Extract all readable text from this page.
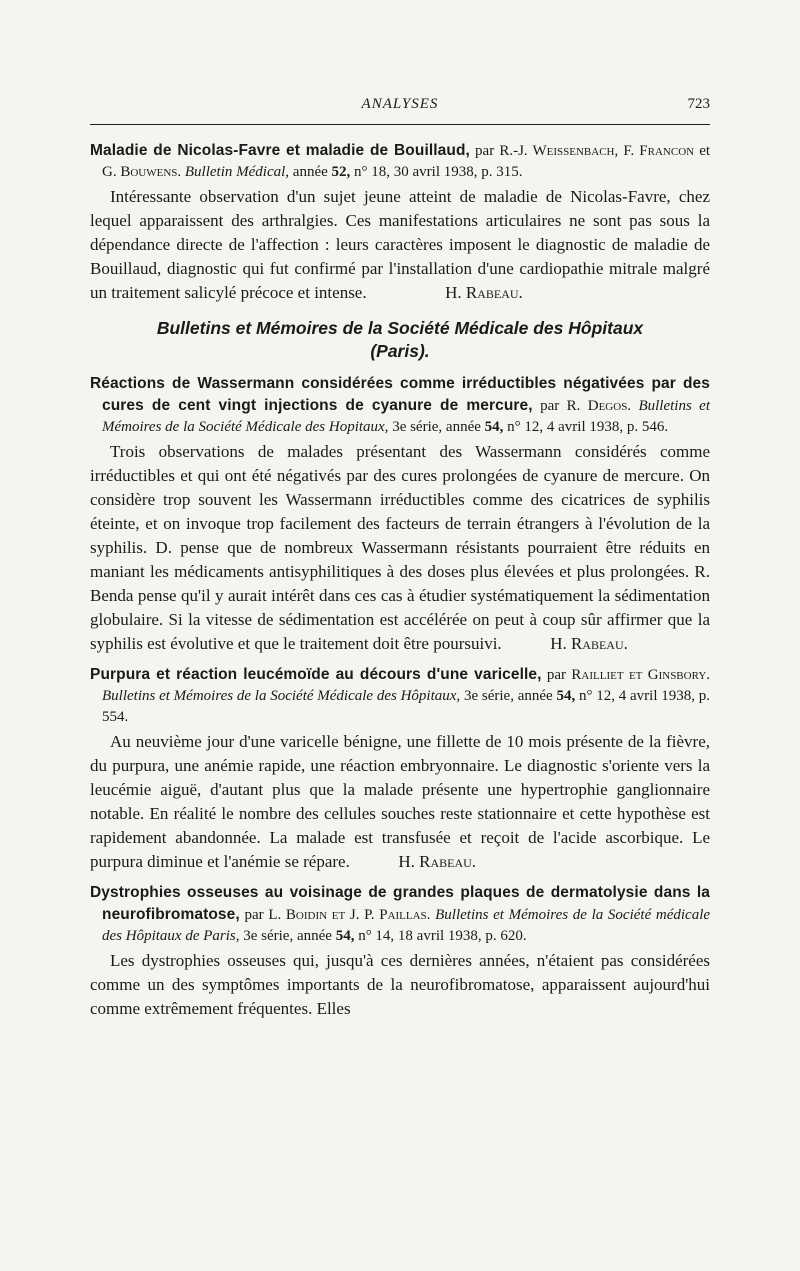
ANALYSES	723

Maladie de Nicolas-Favre et maladie de Bouillaud, par R.-J. Weissenbach, F. Francon et G. Bouwens. Bulletin Médical, année 52, n° 18, 30 avril 1938, p. 315.

Intéressante observation d'un sujet jeune atteint de maladie de Nicolas-Favre, chez lequel apparaissent des arthralgies. Ces manifestations articulaires ne sont pas sous la dépendance directe de l'affection : leurs caractères imposent le diagnostic de maladie de Bouillaud, diagnostic qui fut confirmé par l'installation d'une cardiopathie mitrale malgré un traitement salicylé précoce et intense.	H. Rabeau.

Bulletins et Mémoires de la Société Médicale des Hôpitaux
(Paris).

Réactions de Wassermann considérées comme irréductibles négativées par des cures de cent vingt injections de cyanure de mercure, par R. Degos. Bulletins et Mémoires de la Société Médicale des Hopitaux, 3e série, année 54, n° 12, 4 avril 1938, p. 546.

Trois observations de malades présentant des Wassermann considérés comme irréductibles et qui ont été négativés par des cures prolongées de cyanure de mercure. On considère trop souvent les Wassermann irréductibles comme des cicatrices de syphilis éteinte, et on invoque trop facilement des facteurs de terrain étrangers à l'évolution de la syphilis. D. pense que de nombreux Wassermann résistants pourraient être réduits en maniant les médicaments antisyphilitiques à des doses plus élevées et plus prolongées. R. Benda pense qu'il y aurait intérêt dans ces cas à étudier systématiquement la sédimentation globulaire. Si la vitesse de sédimentation est accélérée on peut à coup sûr affirmer que la syphilis est évolutive et que le traitement doit être poursuivi.	H. Rabeau.

Purpura et réaction leucémoïde au décours d'une varicelle, par Railliet et Ginsbory. Bulletins et Mémoires de la Société Médicale des Hôpitaux, 3e série, année 54, n° 12, 4 avril 1938, p. 554.

Au neuvième jour d'une varicelle bénigne, une fillette de 10 mois présente de la fièvre, du purpura, une anémie rapide, une réaction embryonnaire. Le diagnostic s'oriente vers la leucémie aiguë, d'autant plus que la malade présente une hypertrophie ganglionnaire notable. En réalité le nombre des cellules souches reste stationnaire et cette hypothèse est rapidement abandonnée. La malade est transfusée et reçoit de l'acide ascorbique. Le purpura diminue et l'anémie se répare.	H. Rabeau.

Dystrophies osseuses au voisinage de grandes plaques de dermatolysie dans la neurofibromatose, par L. Boidin et J. P. Paillas. Bulletins et Mémoires de la Société médicale des Hôpitaux de Paris, 3e série, année 54, n° 14, 18 avril 1938, p. 620.

Les dystrophies osseuses qui, jusqu'à ces dernières années, n'étaient pas considérées comme un des symptômes importants de la neurofibromatose, apparaissent aujourd'hui comme extrêmement fréquentes. Elles
